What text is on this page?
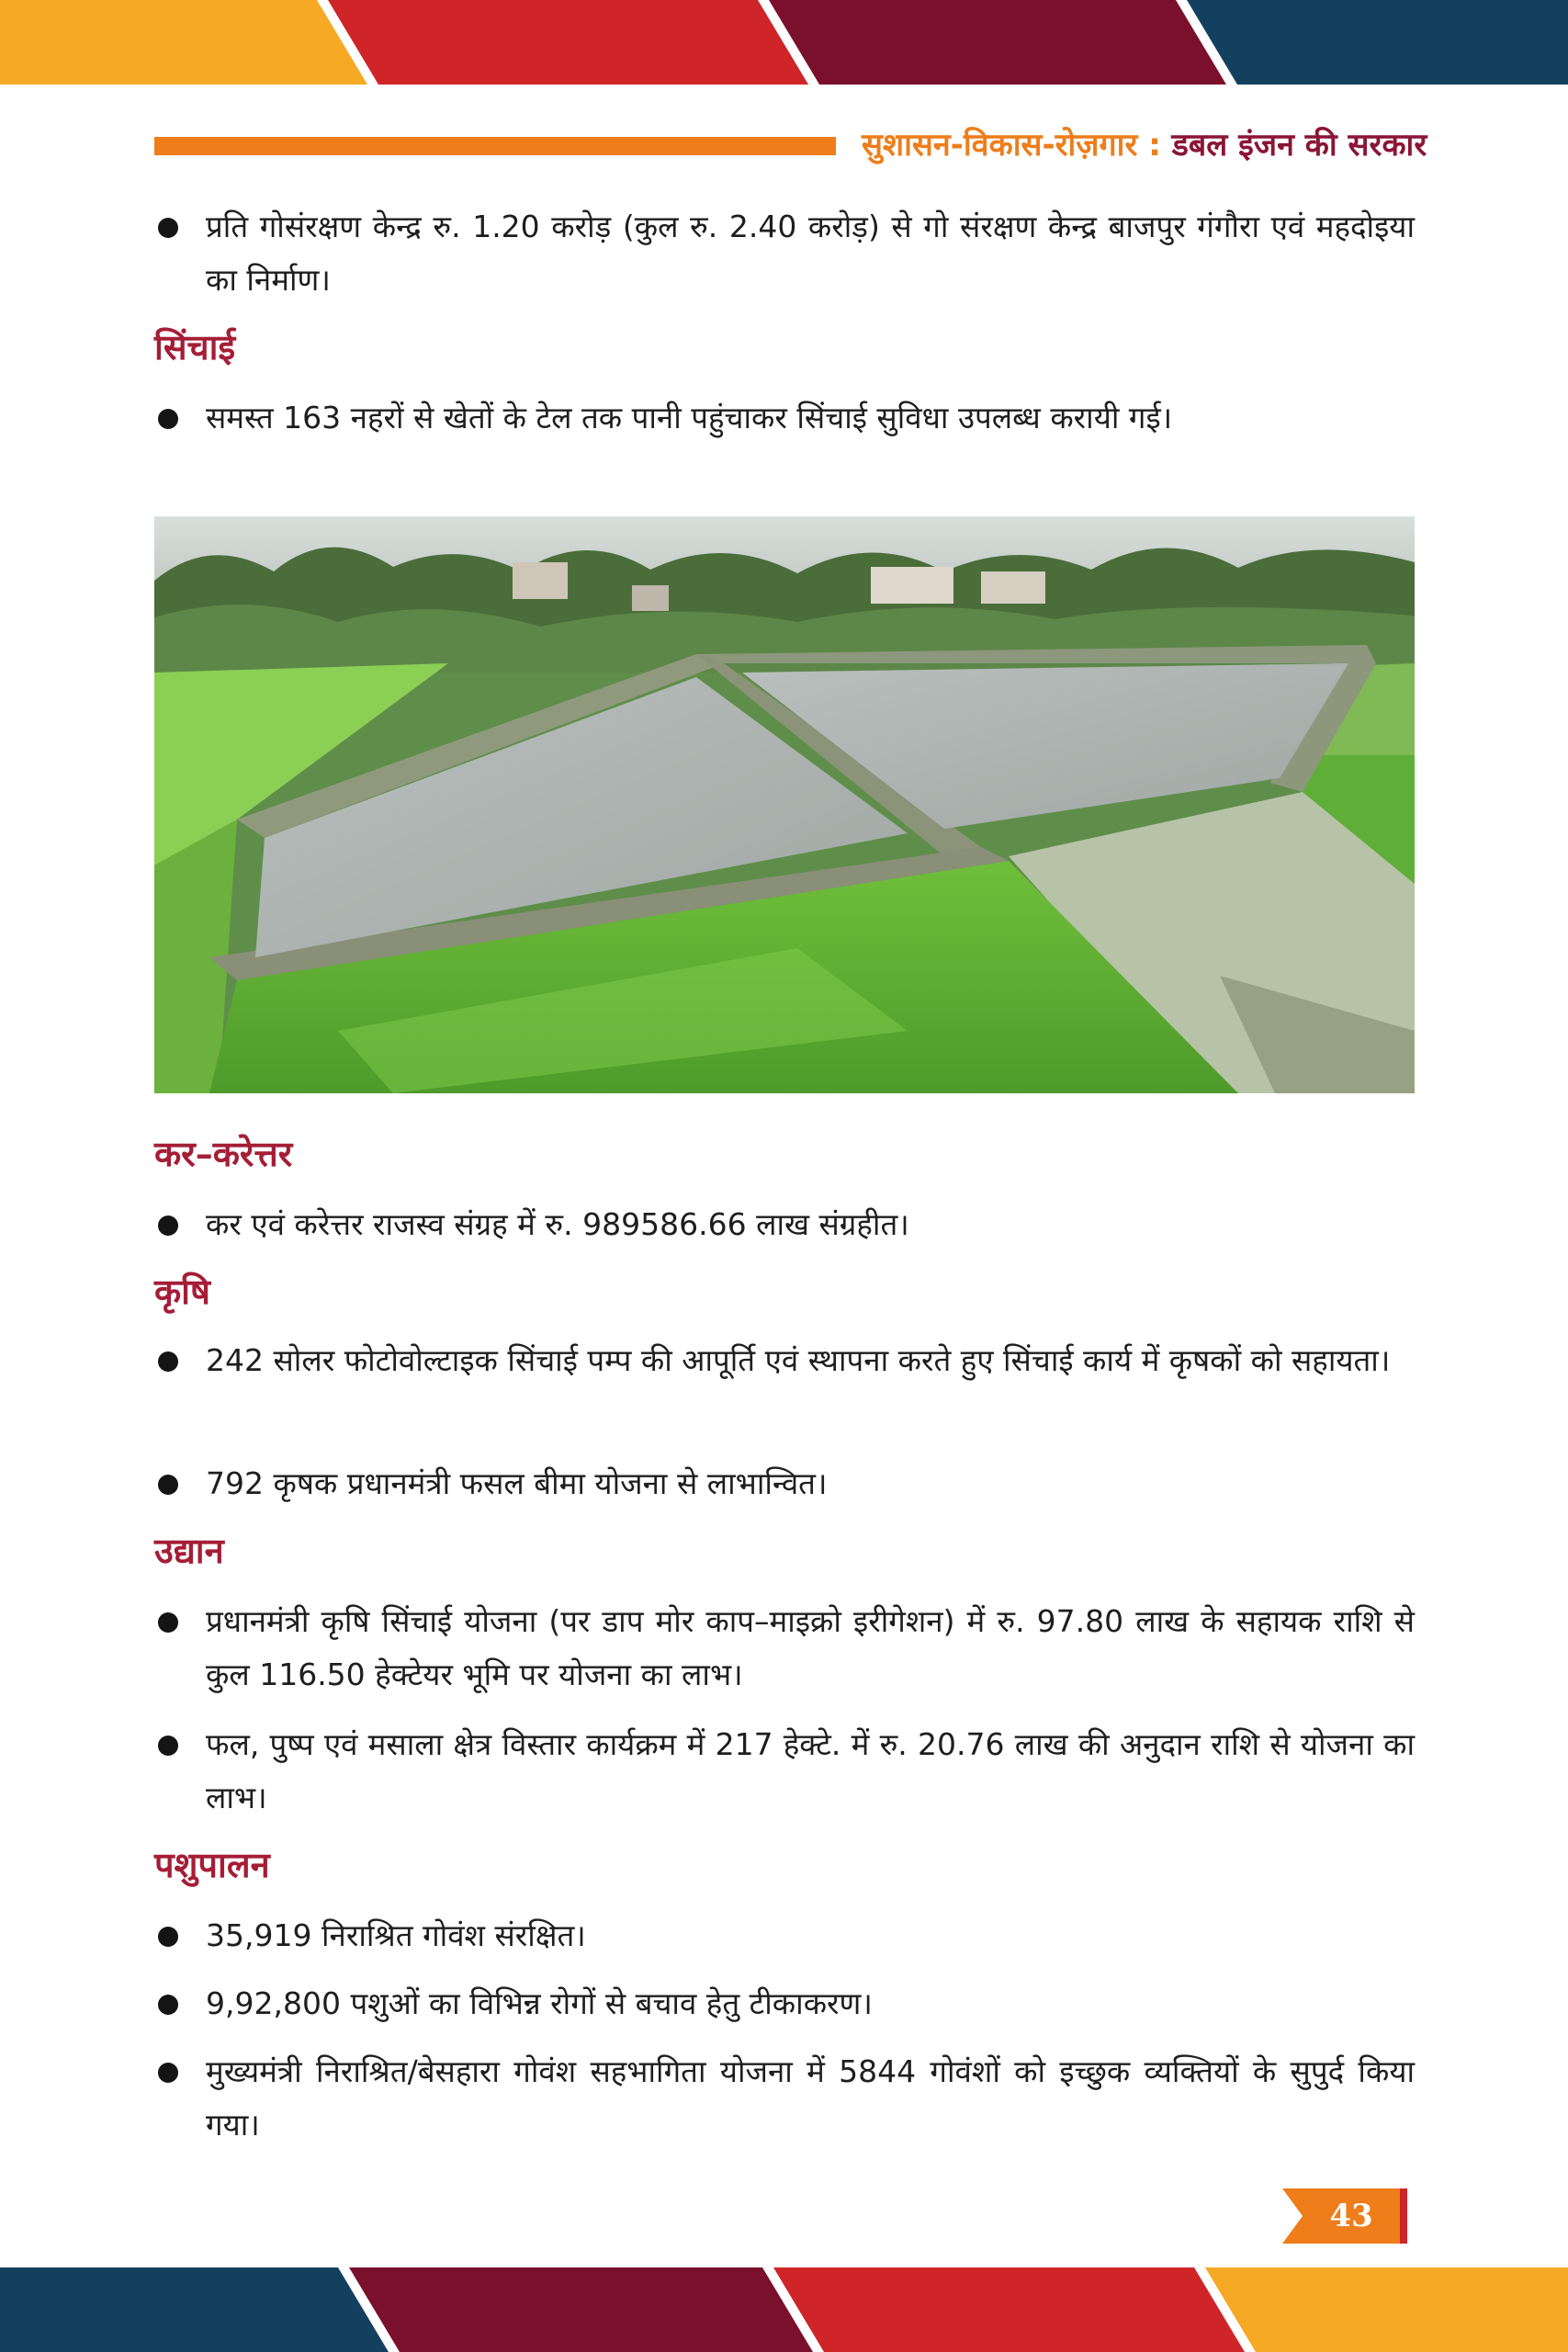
सुशासन-विकास-रोज़गार : डबल इंजन की सरकार
प्रति गोसंरक्षण केन्द्र रु. 1.20 करोड़ (कुल रु. 2.40 करोड़) से गो संरक्षण केन्द्र बाजपुर गंगौरा एवं महदोइया का निर्माण।
सिंचाई
समस्त 163 नहरों से खेतों के टेल तक पानी पहुंचाकर सिंचाई सुविधा उपलब्ध करायी गई।
कर–करेत्तर
कर एवं करेत्तर राजस्व संग्रह में रु. 989586.66 लाख संग्रहीत।
कृषि
242 सोलर फोटोवोल्टाइक सिंचाई पम्प की आपूर्ति एवं स्थापना करते हुए सिंचाई कार्य में कृषकों को सहायता।
792 कृषक प्रधानमंत्री फसल बीमा योजना से लाभान्वित।
उद्यान
प्रधानमंत्री कृषि सिंचाई योजना (पर डाप मोर काप–माइक्रो इरीगेशन) में रु. 97.80 लाख के सहायक राशि से कुल 116.50 हेक्टेयर भूमि पर योजना का लाभ।
फल, पुष्प एवं मसाला क्षेत्र विस्तार कार्यक्रम में 217 हेक्टे. में रु. 20.76 लाख की अनुदान राशि से योजना का लाभ।
पशुपालन
35,919 निराश्रित गोवंश संरक्षित।
9,92,800 पशुओं का विभिन्न रोगों से बचाव हेतु टीकाकरण।
मुख्यमंत्री निराश्रित/बेसहारा गोवंश सहभागिता योजना में 5844 गोवंशों को इच्छुक व्यक्तियों के सुपुर्द किया गया।
43
